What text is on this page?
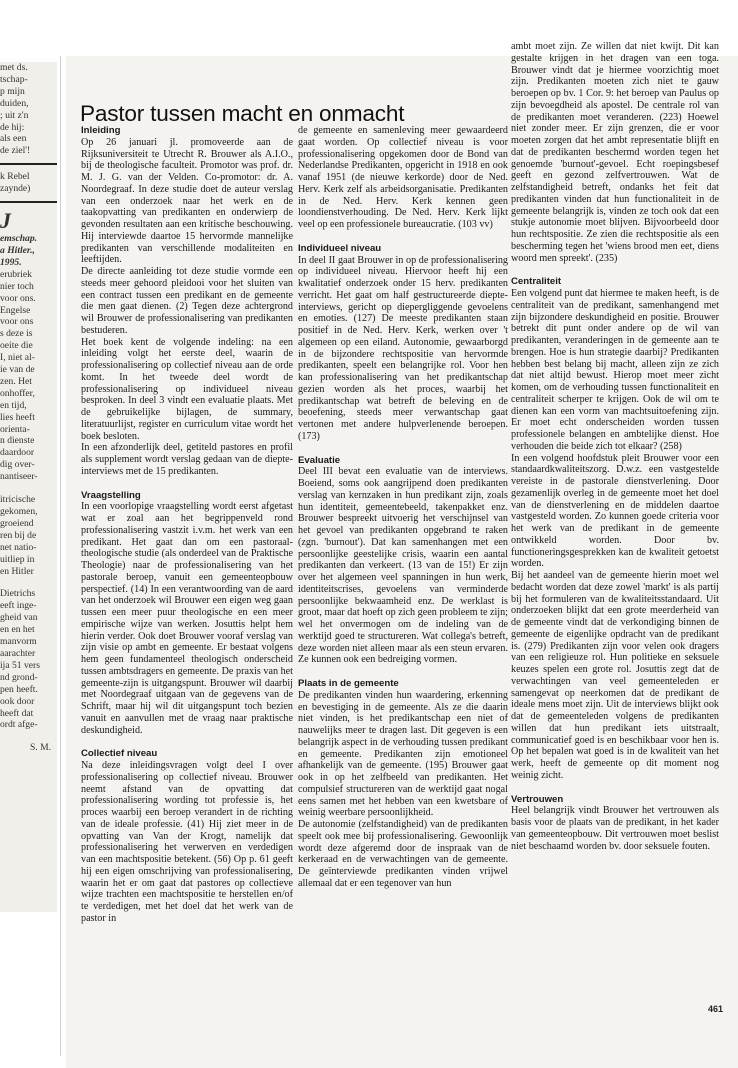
met ds.
tschap-
p mijn
duiden,
; uit z'n
de hij:
als een
de ziel'!
k Rebel
zaynde)
J
emschap.
a Hitler.,
1995.
erubriek
nier toch
voor ons.
Engelse
voor ons
s deze is
oeite die
I, niet al-
ie van de
zen. Het
onhoffer,
en tijd,
lies heeft
orienta-
n dienste
daardoor
dig over-
nantiseer-
itricische
gekomen,
groeiend
ren bij de
net natio-
uitliep in
en Hitler
Dietrichs
eeft inge-
gheid van
en en het
manvorm
aarachter
ija 51 vers
nd grond-
pen heeft.
ook door
heeft dat
ordt afge-
S. M.
Pastor tussen macht en onmacht
Inleiding

Op 26 januari jl. promoveerde aan de Rijksuniversiteit te Utrecht R. Brouwer als A.I.O., bij de theologische faculteit. Promotor was prof. dr. M. J. G. van der Velden. Co-promotor: dr. A. Noordegraaf. In deze studie doet de auteur verslag van een onderzoek naar het werk en de taakopvatting van predikanten en onderwierp de gevonden resultaten aan een kritische beschouwing. Hij interviewde daartoe 15 hervormde mannelijke predikanten van verschillende modaliteiten en leeftijden.

De directe aanleiding tot deze studie vormde een steeds meer gehoord pleidooi voor het sluiten van een contract tussen een predikant en de gemeente die men gaat dienen. (2) Tegen deze achtergrond wil Brouwer de professionalisering van predikanten bestuderen.

Het boek kent de volgende indeling: na een inleiding volgt het eerste deel, waarin de professionalisering op collectief niveau aan de orde komt. In het tweede deel wordt de professionalisering op individueel niveau besproken. In deel 3 vindt een evaluatie plaats. Met de gebruikelijke bijlagen, de summary, literatuurlijst, register en curriculum vitae wordt het boek besloten.

In een afzonderlijk deel, getiteld pastores en profil als supplement wordt verslag gedaan van de diepte-interviews met de 15 predikanten.

Vraagstelling

In een voorlopige vraagstelling wordt eerst afgetast wat er zoal aan het begrippenveld rond professionalisering vastzit i.v.m. het werk van een predikant. Het gaat dan om een pastoraal-theologische studie (als onderdeel van de Praktische Theologie) naar de professionalisering van het pastorale beroep, vanuit een gemeenteopbouw perspectief. (14) In een verantwoording van de aard van het onderzoek wil Brouwer een eigen weg gaan tussen een meer puur theologische en een meer empirische wijze van werken. Josuttis helpt hem hierin verder. Ook doet Brouwer vooraf verslag van zijn visie op ambt en gemeente. Er bestaat volgens hem geen fundamenteel theologisch onderscheid tussen ambtsdragers en gemeente. De praxis van het gemeente-zijn is uitgangspunt. Brouwer wil daarbij met Noordegraaf uitgaan van de gegevens van de Schrift, maar hij wil dit uitgangspunt toch bezien vanuit en aanvullen met de vraag naar praktische deskundigheid.

Collectief niveau

Na deze inleidingsvragen volgt deel I over professionalisering op collectief niveau. Brouwer neemt afstand van de opvatting dat professionalisering wording tot professie is, het proces waarbij een beroep verandert in de richting van de ideale professie. (41) Hij ziet meer in de opvatting van Van der Krogt, namelijk dat professionalisering het verwerven en verdedigen van een machtspositie betekent. (56) Op p. 61 geeft hij een eigen omschrijving van professionalisering, waarin het er om gaat dat pastores op collectieve wijze trachten een machtspositie te herstellen en/of te verdedigen, met het doel dat het werk van de pastor in

de gemeente en samenleving meer gewaardeerd gaat worden. Op collectief niveau is voor professionalisering opgekomen door de Bond van Nederlandse Predikanten, opgericht in 1918 en ook vanaf 1951 (de nieuwe kerkorde) door de Ned. Herv. Kerk zelf als arbeidsorganisatie. Predikanten in de Ned. Herv. Kerk kennen geen loondienstverhouding. De Ned. Herv. Kerk lijkt veel op een professionele bureaucratie. (103 vv)

Individueel niveau

In deel II gaat Brouwer in op de professionalisering op individueel niveau. Hiervoor heeft hij een kwalitatief onderzoek onder 15 herv. predikanten verricht. Het gaat om half gestructureerde diepte-interviews, gericht op diepergliggende gevoelens en emoties. (127) De meeste predikanten staan positief in de Ned. Herv. Kerk, werken over 't algemeen op een eiland. Autonomie, gewaarborgd in de bijzondere rechtspositie van hervormde predikanten, speelt een belangrijke rol. Voor hen kan professionalisering van het predikantschap gezien worden als het proces, waarbij het predikantschap wat betreft de beleving en de beoefening, steeds meer verwantschap gaat vertonen met andere hulpverlenende beroepen. (173)

Evaluatie

Deel III bevat een evaluatie van de interviews. Boeiend, soms ook aangrijpend doen predikanten verslag van kernzaken in hun predikant zijn, zoals hun identiteit, gemeentebeeld, takenpakket enz. Brouwer bespreekt uitvoerig het verschijnsel van het gevoel van predikanten opgebrand te raken (zgn. 'burnout'). Dat kan samenhangen met een persoonlijke geestelijke crisis, waarin een aantal predikanten dan verkeert. (13 van de 15!) Er zijn over het algemeen veel spanningen in hun werk, identiteitscrises, gevoelens van verminderde persoonlijke bekwaamheid enz. De werklast is groot, maar dat hoeft op zich geen probleem te zijn; wel het onvermogen om de indeling van de werktijd goed te structureren. Wat collega's betreft, deze worden niet alleen maar als een steun ervaren. Ze kunnen ook een bedreiging vormen.

Plaats in de gemeente

De predikanten vinden hun waardering, erkenning en bevestiging in de gemeente. Als ze die daarin niet vinden, is het predikantschap een niet of nauwelijks meer te dragen last. Dit gegeven is een belangrijk aspect in de verhouding tussen predikant en gemeente. Predikanten zijn emotioneel afhankelijk van de gemeente. (195) Brouwer gaat ook in op het zelfbeeld van predikanten. Het compulsief structureren van de werktijd gaat nogal eens samen met het hebben van een kwetsbare of weinig weerbare persoonlijkheid.

De autonomie (zelfstandigheid) van de predikanten speelt ook mee bij professionalisering. Gewoonlijk wordt deze afgeremd door de inspraak van de kerkeraad en de verwachtingen van de gemeente. De geïnterviewde predikanten vinden vrijwel allemaal dat er een tegenover van hun

ambt moet zijn. Ze willen dat niet kwijt. Dit kan gestalte krijgen in het dragen van een toga. Brouwer vindt dat je hiermee voorzichtig moet zijn. Predikanten moeten zich niet te gauw beroepen op bv. 1 Cor. 9: het beroep van Paulus op zijn bevoegdheid als apostel. De centrale rol van de predikanten moet veranderen. (223) Hoewel niet zonder meer. Er zijn grenzen, die er voor moeten zorgen dat het ambt representatie blijft en dat de predikanten beschermd worden tegen het genoemde 'burnout'-gevoel. Echt roepingsbesef geeft en gezond zelfvertrouwen. Wat de zelfstandigheid betreft, ondanks het feit dat predikanten vinden dat hun functionaliteit in de gemeente belangrijk is, vinden ze toch ook dat een stukje autonomie moet blijven. Bijvoorbeeld door hun rechtspositie. Ze zien die rechtspositie als een bescherming tegen het 'wiens brood men eet, diens woord men spreekt'. (235)

Centraliteit

Een volgend punt dat hiermee te maken heeft, is de centraliteit van de predikant, samenhangend met zijn bijzondere deskundigheid en positie. Brouwer betrekt dit punt onder andere op de wil van predikanten, veranderingen in de gemeente aan te brengen. Hoe is hun strategie daarbij? Predikanten hebben best belang bij macht, alleen zijn ze zich dat niet altijd bewust. Hierop moet meer zicht komen, om de verhouding tussen functionaliteit en centraliteit scherper te krijgen. Ook de wil om te dienen kan een vorm van machtsuitoefening zijn. Er moet echt onderscheiden worden tussen professionele belangen en ambtelijke dienst. Hoe verhouden die beide zich tot elkaar? (258)

In een volgend hoofdstuk pleit Brouwer voor een standaardkwaliteitszorg. D.w.z. een vastgestelde vereiste in de pastorale dienstverlening. Door gezamenlijk overleg in de gemeente moet het doel van de dienstverlening en de middelen daartoe vastgesteld worden. Zo kunnen goede criteria voor het werk van de predikant in de gemeente ontwikkeld worden. Door bv. functioneringsgesprekken kan de kwaliteit getoetst worden.

Bij het aandeel van de gemeente hierin moet wel bedacht worden dat deze zowel 'markt' is als partij bij het formuleren van de kwaliteitsstandaard. Uit onderzoeken blijkt dat een grote meerderheid van de gemeente vindt dat de verkondiging binnen de gemeente de eigenlijke opdracht van de predikant is. (279) Predikanten zijn voor velen ook dragers van een religieuze rol. Hun politieke en seksuele keuzes spelen een grote rol. Josuttis zegt dat de verwachtingen van veel gemeenteleden er samengevat op neerkomen dat de predikant de ideale mens moet zijn. Uit de interviews blijkt ook dat de gemeenteleden volgens de predikanten willen dat hun predikant iets uitstraalt, communicatief goed is en beschikbaar voor hen is. Op het bepalen wat goed is in de kwaliteit van het werk, heeft de gemeente op dit moment nog weinig zicht.

Vertrouwen

Heel belangrijk vindt Brouwer het vertrouwen als basis voor de plaats van de predikant, in het kader van gemeenteopbouw. Dit vertrouwen moet beslist niet beschaamd worden bv. door seksuele fouten.

461
